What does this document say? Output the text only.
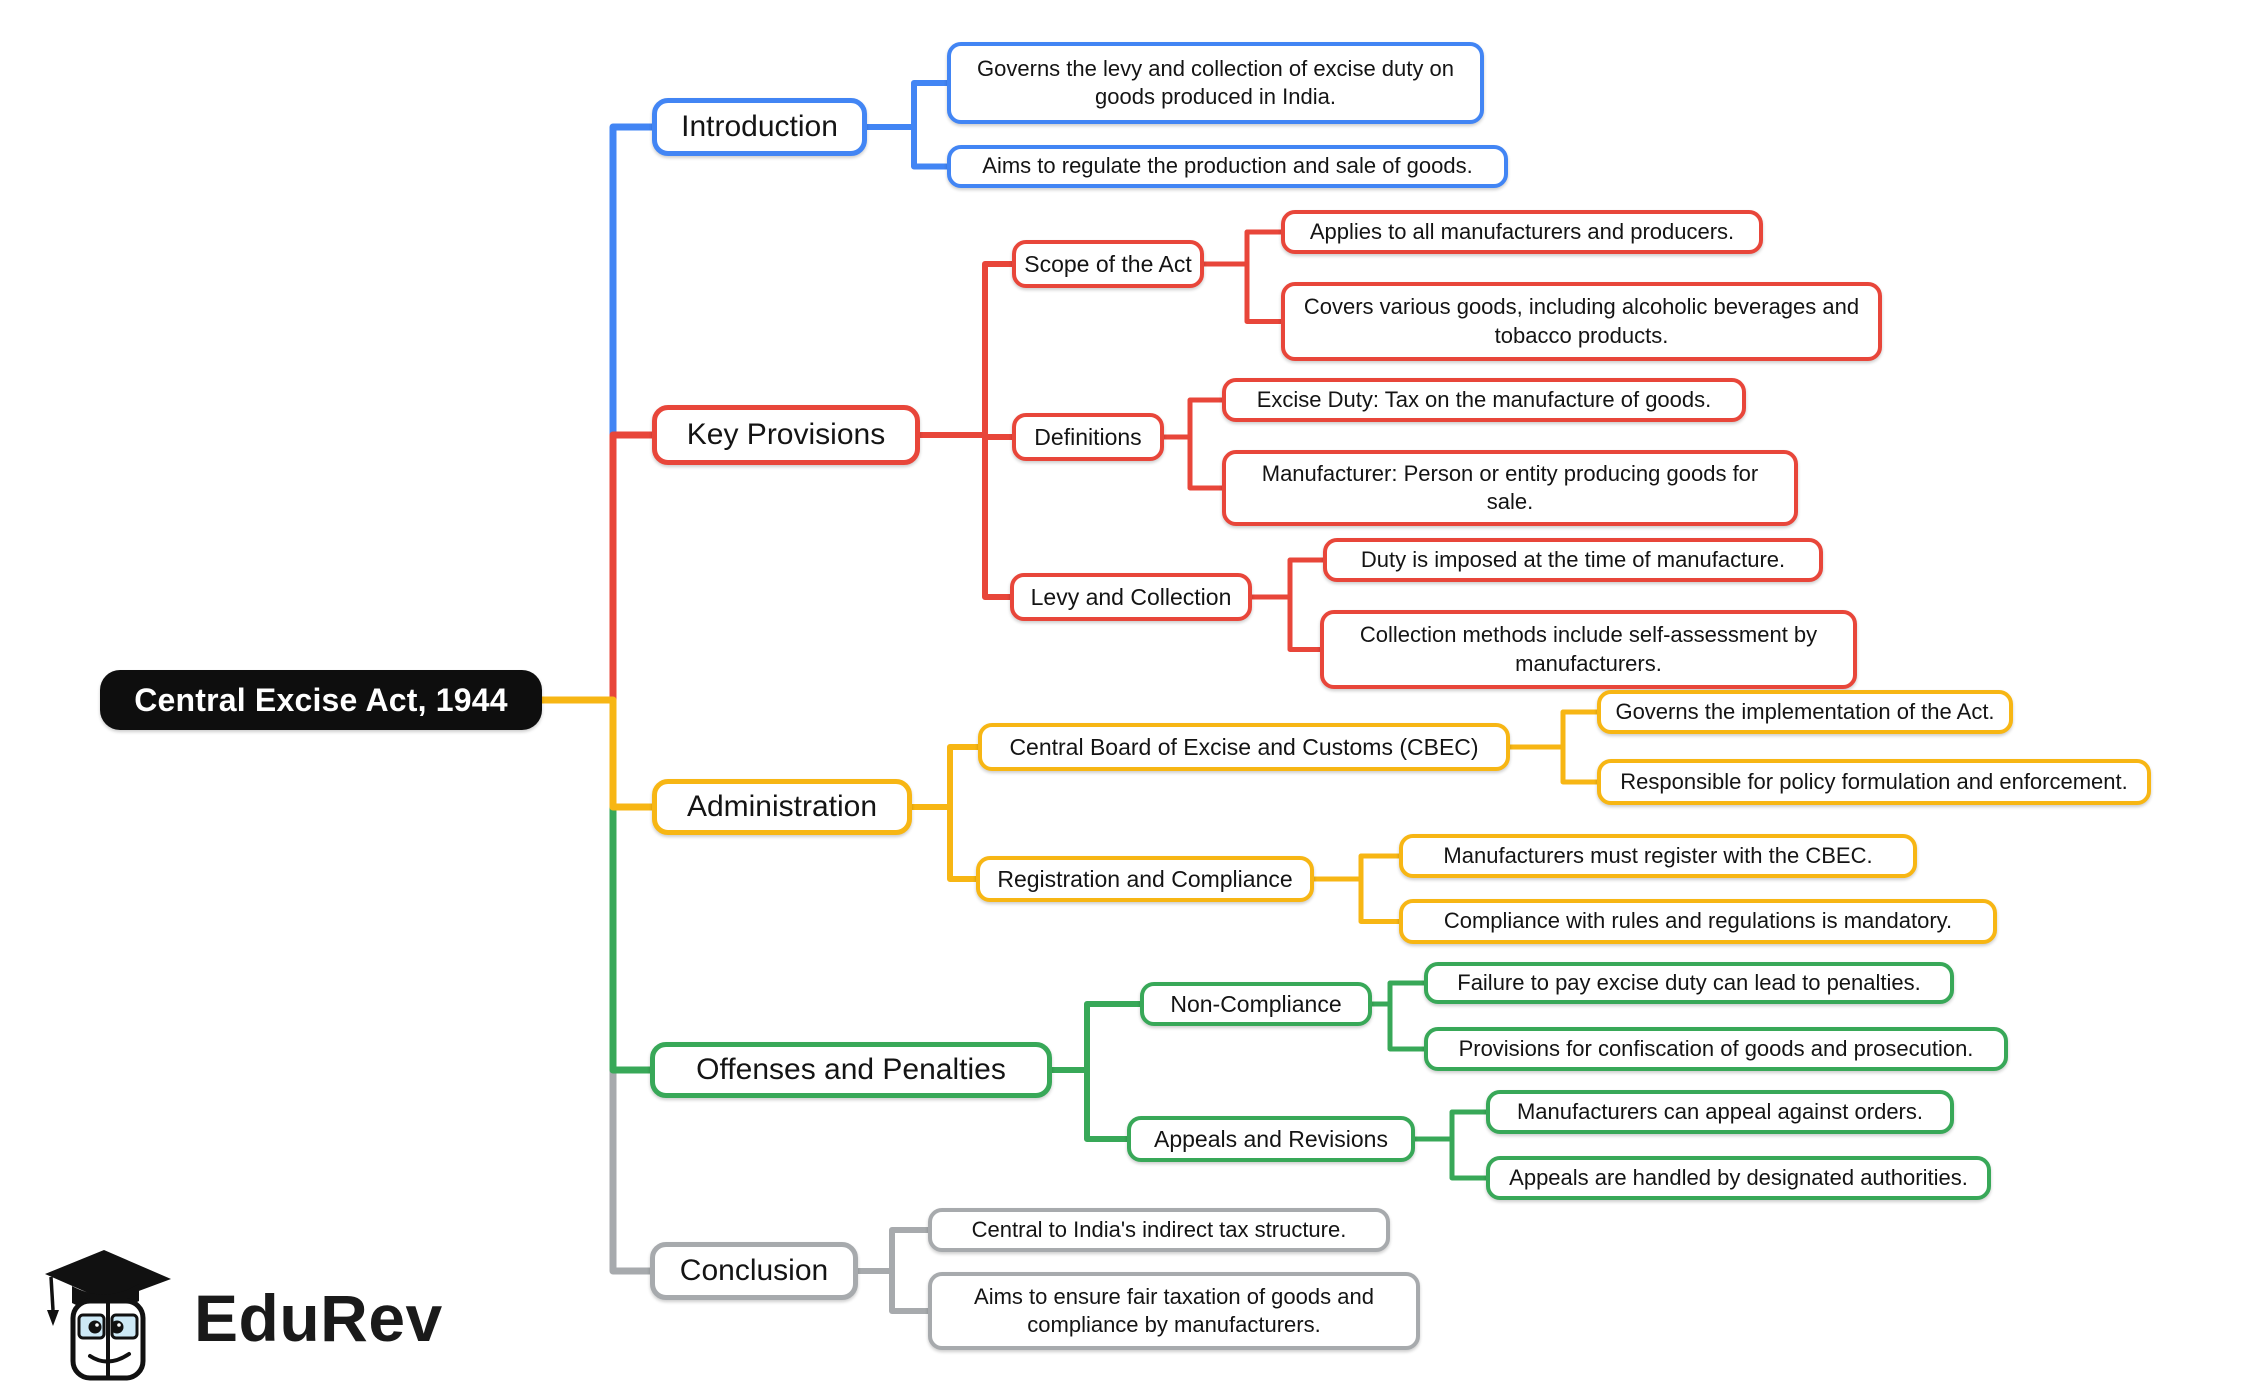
EduRev
Central Excise Act, 1944
Introduction
Governs the levy and collection of excise duty on goods produced in India.
Aims to regulate the production and sale of goods.
Key Provisions
Scope of the Act
Applies to all manufacturers and producers.
Covers various goods, including alcoholic beverages and tobacco products.
Definitions
Excise Duty: Tax on the manufacture of goods.
Manufacturer: Person or entity producing goods for sale.
Levy and Collection
Duty is imposed at the time of manufacture.
Collection methods include self-assessment by manufacturers.
Administration
Central Board of Excise and Customs (CBEC)
Governs the implementation of the Act.
Responsible for policy formulation and enforcement.
Registration and Compliance
Manufacturers must register with the CBEC.
Compliance with rules and regulations is mandatory.
Offenses and Penalties
Non-Compliance
Failure to pay excise duty can lead to penalties.
Provisions for confiscation of goods and prosecution.
Appeals and Revisions
Manufacturers can appeal against orders.
Appeals are handled by designated authorities.
Conclusion
Central to India's indirect tax structure.
Aims to ensure fair taxation of goods and compliance by manufacturers.
